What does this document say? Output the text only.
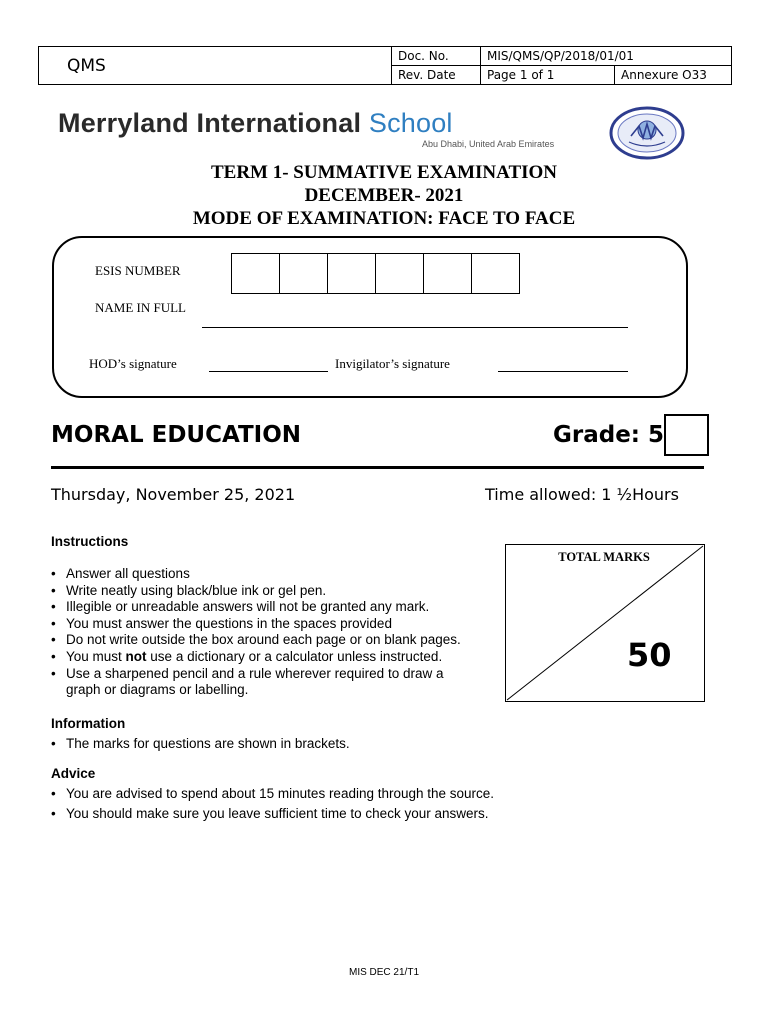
QMS	Doc. No.	MIS/QMS/QP/2018/01/01	
	Rev. Date	Page 1 of 1	Annexure O33
Merryland International School
Abu Dhabi, United Arab Emirates
TERM 1- SUMMATIVE EXAMINATION
DECEMBER- 2021
MODE OF EXAMINATION: FACE TO FACE
ESIS NUMBER
NAME IN FULL
HOD’s signature	Invigilator’s signature
MORAL EDUCATION	Grade: 5
Thursday, November 25, 2021	Time allowed: 1 ½Hours
Instructions
• Answer all questions
• Write neatly using black/blue ink or gel pen.
• Illegible or unreadable answers will not be granted any mark.
• You must answer the questions in the spaces provided
• Do not write outside the box around each page or on blank pages.
• You must not use a dictionary or a calculator unless instructed.
• Use a sharpened pencil and a rule wherever required to draw a graph or diagrams or labelling.
Information
• The marks for questions are shown in brackets.
Advice
• You are advised to spend about 15 minutes reading through the source.
• You should make sure you leave sufficient time to check your answers.
TOTAL MARKS
50
MIS DEC 21/T1
